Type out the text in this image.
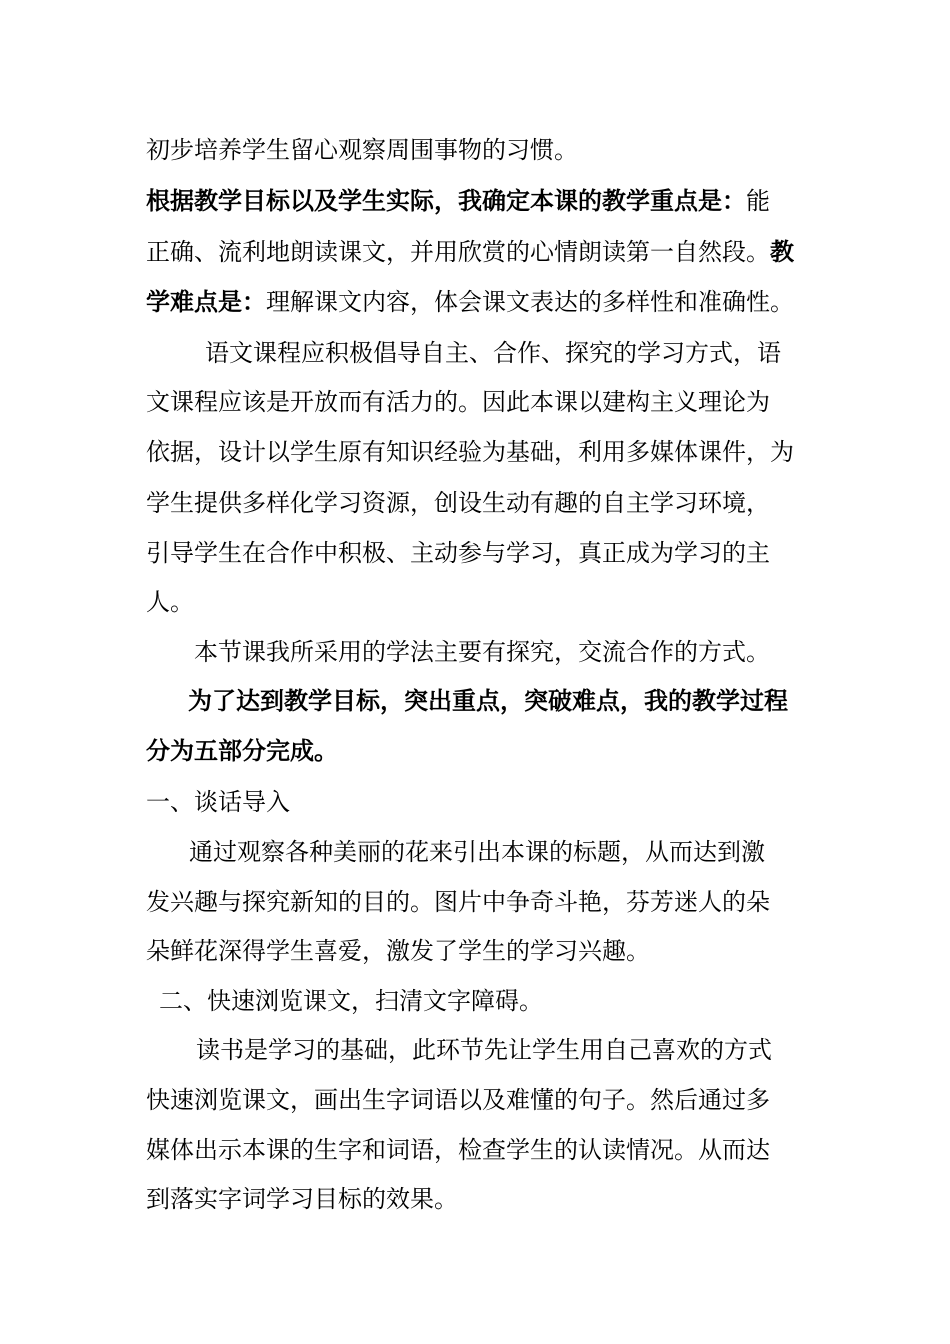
初步培养学生留心观察周围事物的习惯。
根据教学目标以及学生实际，我确定本课的教学重点是：能
正确、流利地朗读课文，并用欣赏的心情朗读第一自然段。教
学难点是：理解课文内容，体会课文表达的多样性和准确性。
语文课程应积极倡导自主、合作、探究的学习方式，语
文课程应该是开放而有活力的。因此本课以建构主义理论为
依据，设计以学生原有知识经验为基础，利用多媒体课件，为
学生提供多样化学习资源，创设生动有趣的自主学习环境，
引导学生在合作中积极、主动参与学习，真正成为学习的主
人。
本节课我所采用的学法主要有探究，交流合作的方式。
为了达到教学目标，突出重点，突破难点，我的教学过程
分为五部分完成。
一、谈话导入
通过观察各种美丽的花来引出本课的标题，从而达到激
发兴趣与探究新知的目的。图片中争奇斗艳，芬芳迷人的朵
朵鲜花深得学生喜爱，激发了学生的学习兴趣。
二、快速浏览课文，扫清文字障碍。
读书是学习的基础，此环节先让学生用自己喜欢的方式
快速浏览课文，画出生字词语以及难懂的句子。然后通过多
媒体出示本课的生字和词语，检查学生的认读情况。从而达
到落实字词学习目标的效果。
